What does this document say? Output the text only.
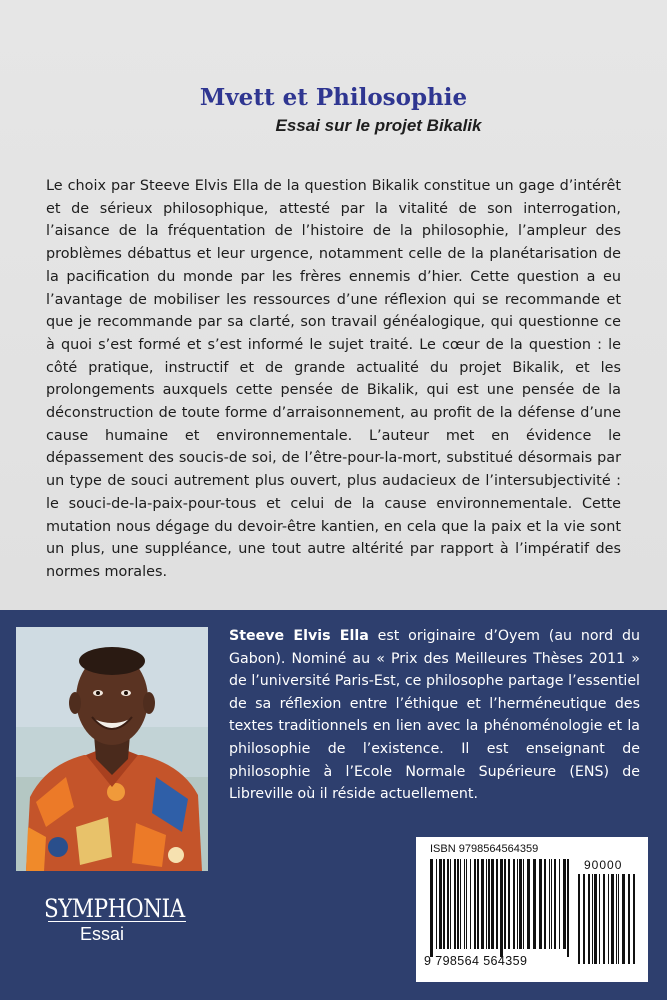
Mvett et Philosophie
Essai sur le projet Bikalik

Le choix par Steeve Elvis Ella de la question Bikalik constitue un gage d’intérêt et de sérieux philosophique, attesté par la vitalité de son interrogation, l’aisance de la fréquentation de l’histoire de la philosophie, l’ampleur des problèmes débattus et leur urgence, notamment celle de la planétarisation de la pacification du monde par les frères ennemis d’hier. Cette question a eu l’avantage de mobiliser les ressources d’une réflexion qui se recommande et que je recommande par sa clarté, son travail généalogique, qui questionne ce à quoi s’est formé et s’est informé le sujet traité. Le cœur de la question : le côté pratique, instructif et de grande actualité du projet Bikalik, et les prolongements auxquels cette pensée de Bikalik, qui est une pensée de la déconstruction de toute forme d’arraisonnement, au profit de la défense d’une cause humaine et environnementale. L’auteur met en évidence le dépassement des soucis-de soi, de l’être-pour-la-mort, substitué désormais par un type de souci autrement plus ouvert, plus audacieux de l’intersubjectivité : le souci-de-la-paix-pour-tous et celui de la cause environnementale. Cette mutation nous dégage du devoir-être kantien, en cela que la paix et la vie sont un plus, une suppléance, une tout autre altérité par rapport à l’impératif des normes morales.

Steeve Elvis Ella est originaire d’Oyem (au nord du Gabon). Nominé au « Prix des Meilleures Thèses 2011 » de l’université Paris-Est, ce philosophe partage l’essentiel de sa réflexion entre l’éthique et l’herméneutique des textes traditionnels en lien avec la phénoménologie et la philosophie de l’existence. Il est enseignant de philosophie à l’Ecole Normale Supérieure (ENS) de Libreville où il réside actuellement.

SYMPHONIA
Essai
ISBN 9798564564359
90000
9 798564 564359
